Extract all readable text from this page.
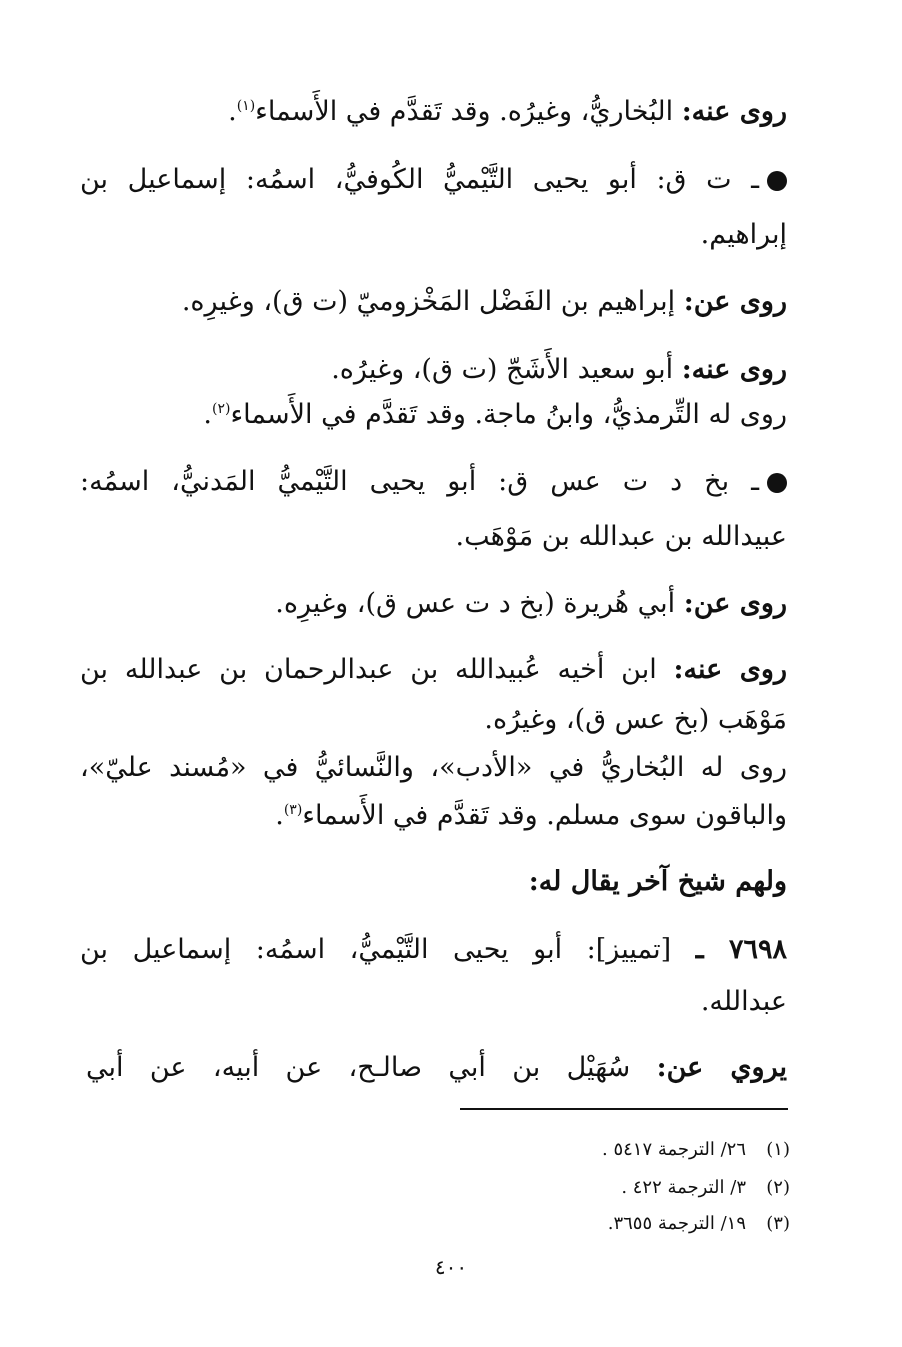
روى عنه: البُخاريُّ، وغيرُه. وقد تَقدَّم في الأَسماء$^{(١)}$.
ـ ت ق: أبو يحيى التَّيْميُّ الكُوفيُّ، اسمُه: إسماعيل بن
إبراهيم.
روى عن: إبراهيم بن الفَضْل المَخْزوميّ (ت ق)، وغيرِه.
روى عنه: أبو سعيد الأَشَجّ (ت ق)، وغيرُه.
روى له التِّرمذيُّ، وابنُ ماجة. وقد تَقدَّم في الأَسماء$^{(٢)}$.
ـ بخ د ت عس ق: أبو يحيى التَّيْميُّ المَدنيُّ، اسمُه:
عبيدالله بن عبدالله بن مَوْهَب.
روى عن: أبي هُريرة (بخ د ت عس ق)، وغيرِه.
روى عنه: ابن أخيه عُبيدالله بن عبدالرحمان بن عبدالله بن
مَوْهَب (بخ عس ق)، وغيرُه.
روى له البُخاريُّ في «الأدب»، والنَّسائيُّ في «مُسند عليّ»،
والباقون سوى مسلم. وقد تَقدَّم في الأَسماء$^{(٣)}$.
ولهم شيخ آخر يقال له:
٧٦٩٨ ـ [تمييز]: أبو يحيى التَّيْميُّ، اسمُه: إسماعيل بن
عبدالله.
يروي عن: سُهَيْل بن أبي صالـح، عن أبيه، عن أبي
(١)٢٦/ الترجمة ٥٤١٧ .
(٢)٣/ الترجمة ٤٢٢ .
(٣)١٩/ الترجمة ٣٦٥٥.
٤٠٠
